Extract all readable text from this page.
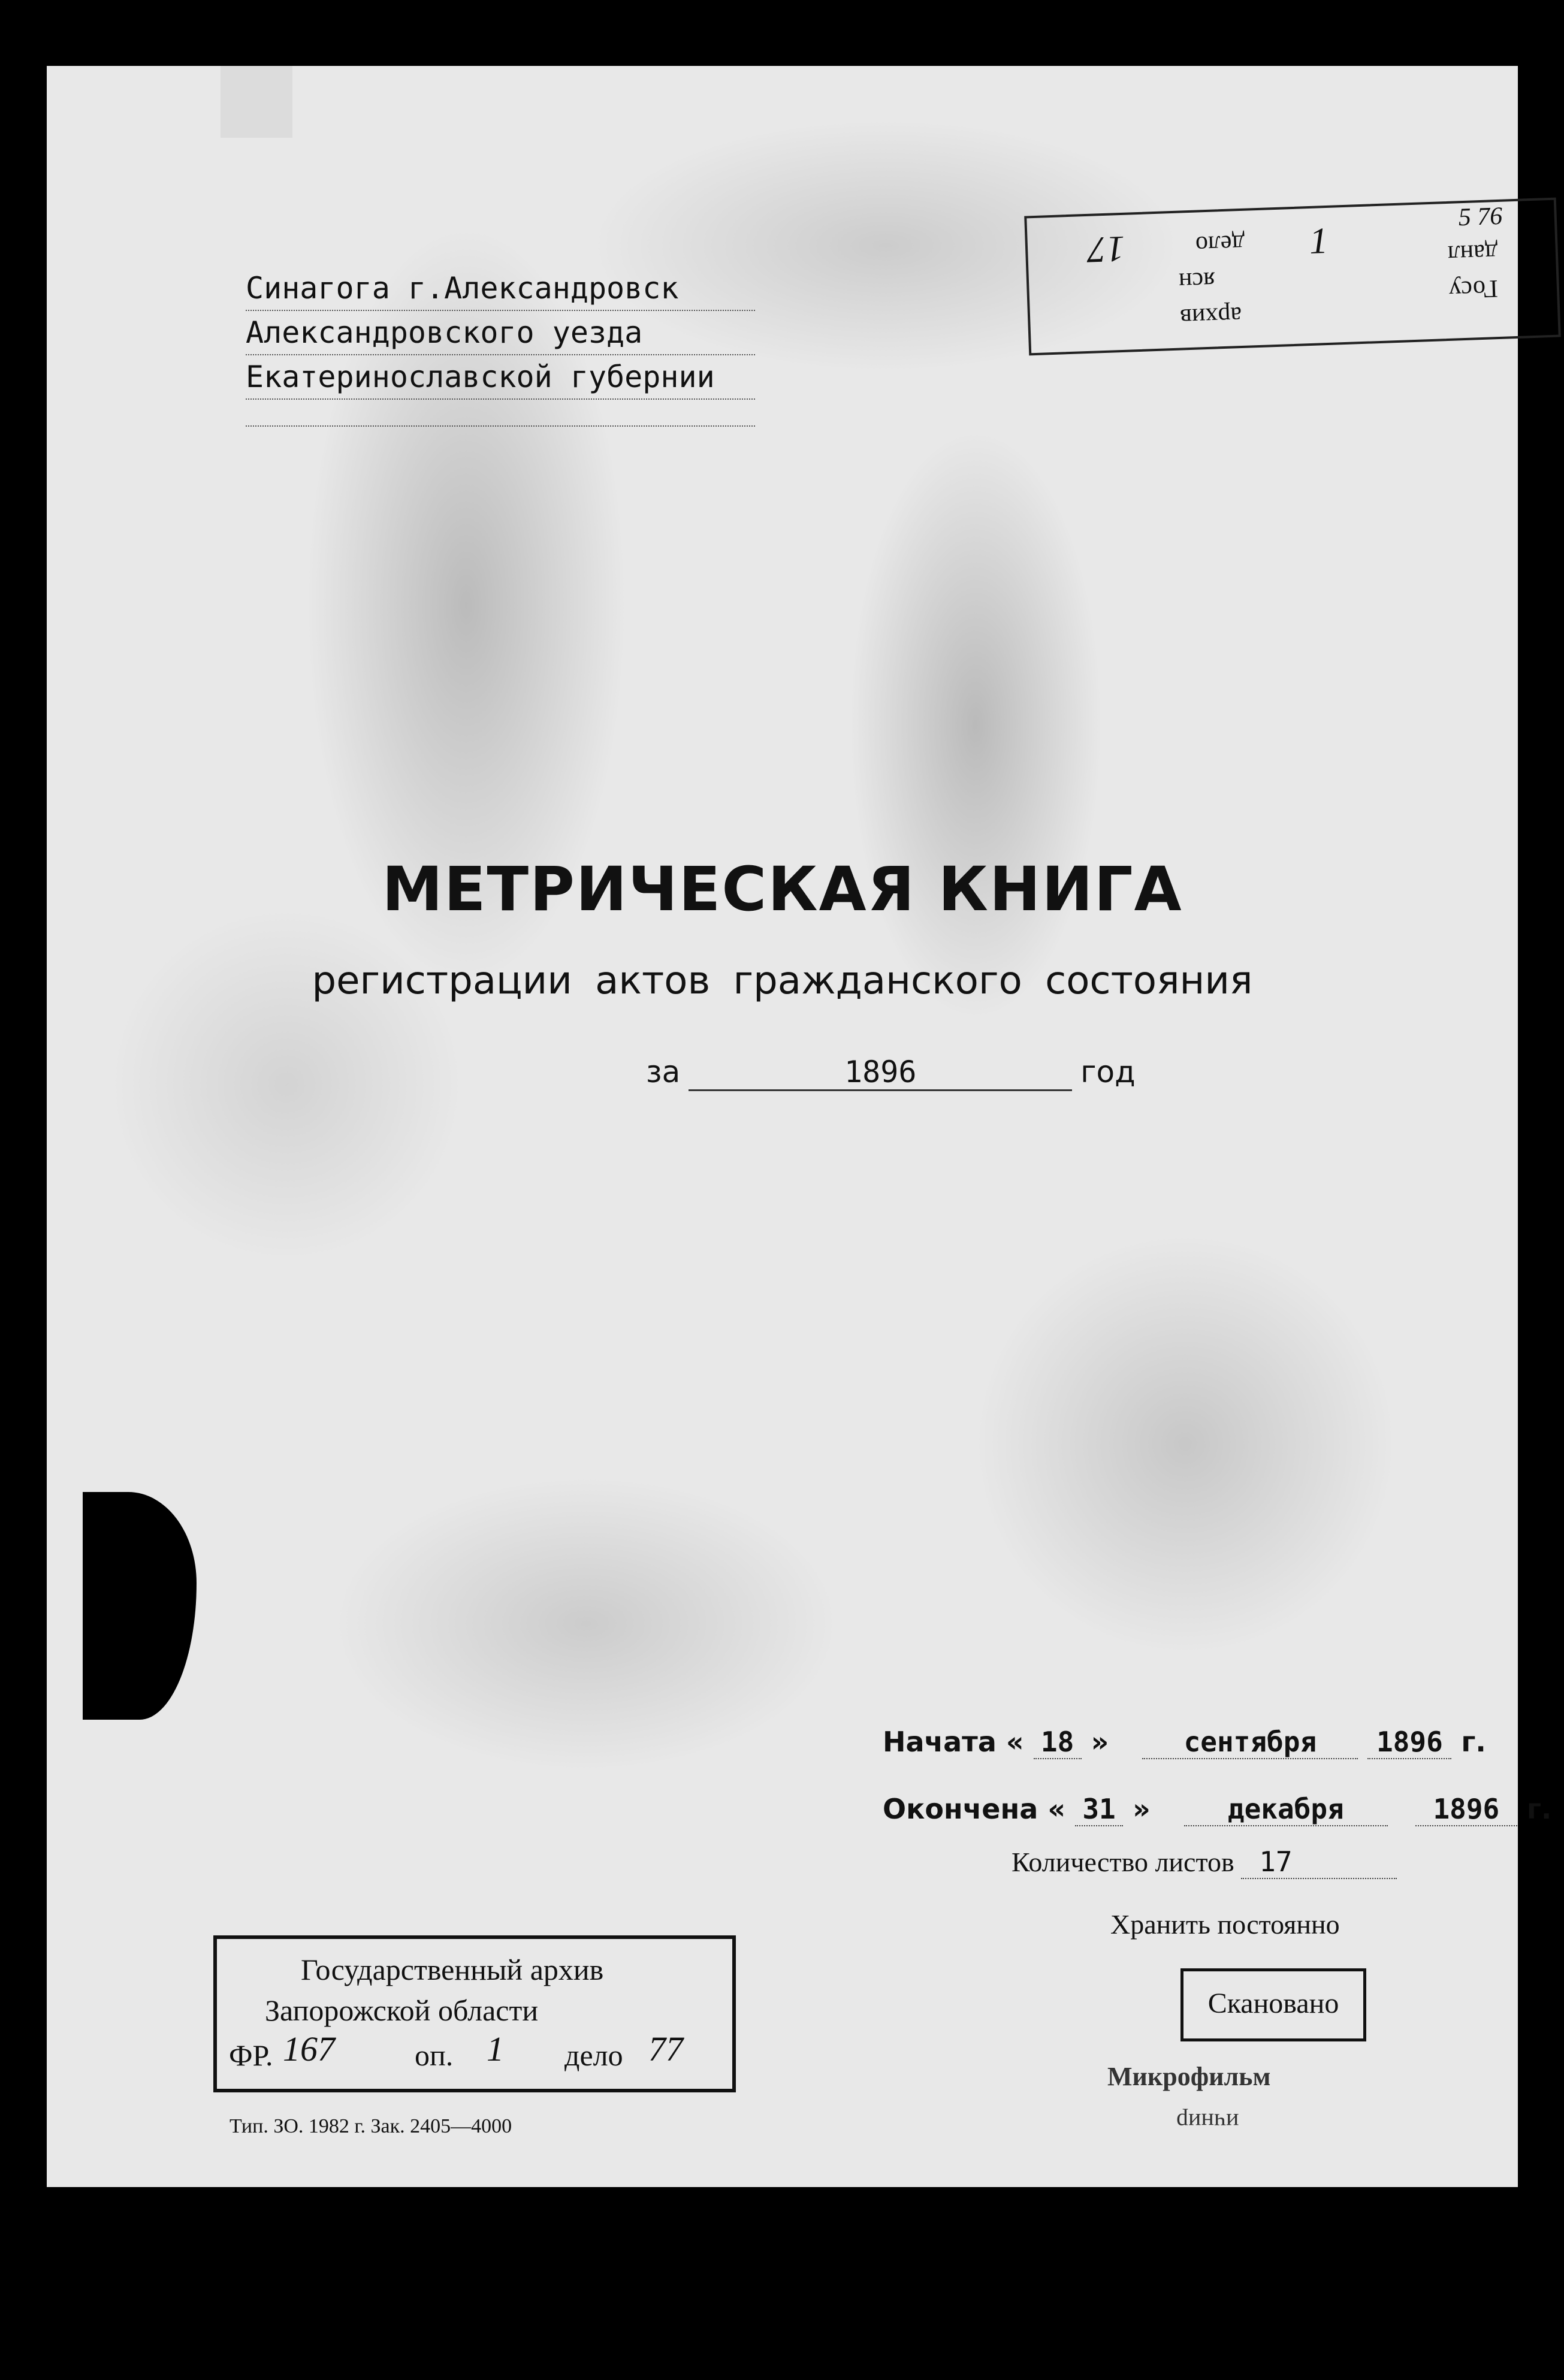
Синагога г.Александровск
Александровского уезда
Екатеринославской губернии
архив
ясн
дело
17	1
Госу
данл
5 76
МЕТРИЧЕСКАЯ КНИГА
регистрации актов гражданского состояния
за	1896	год
Начата « 18 »	сентября 1896 г.
Окончена « 31 »	декабря	1896 г.
Количество листов 17
Хранить постоянно
Сканованo
Микрофильм
ичнир
Государственный архив
Запорожской области
ФР. 167	оп. 1 дело 77
Тип. ЗО. 1982 г. Зак. 2405—4000
